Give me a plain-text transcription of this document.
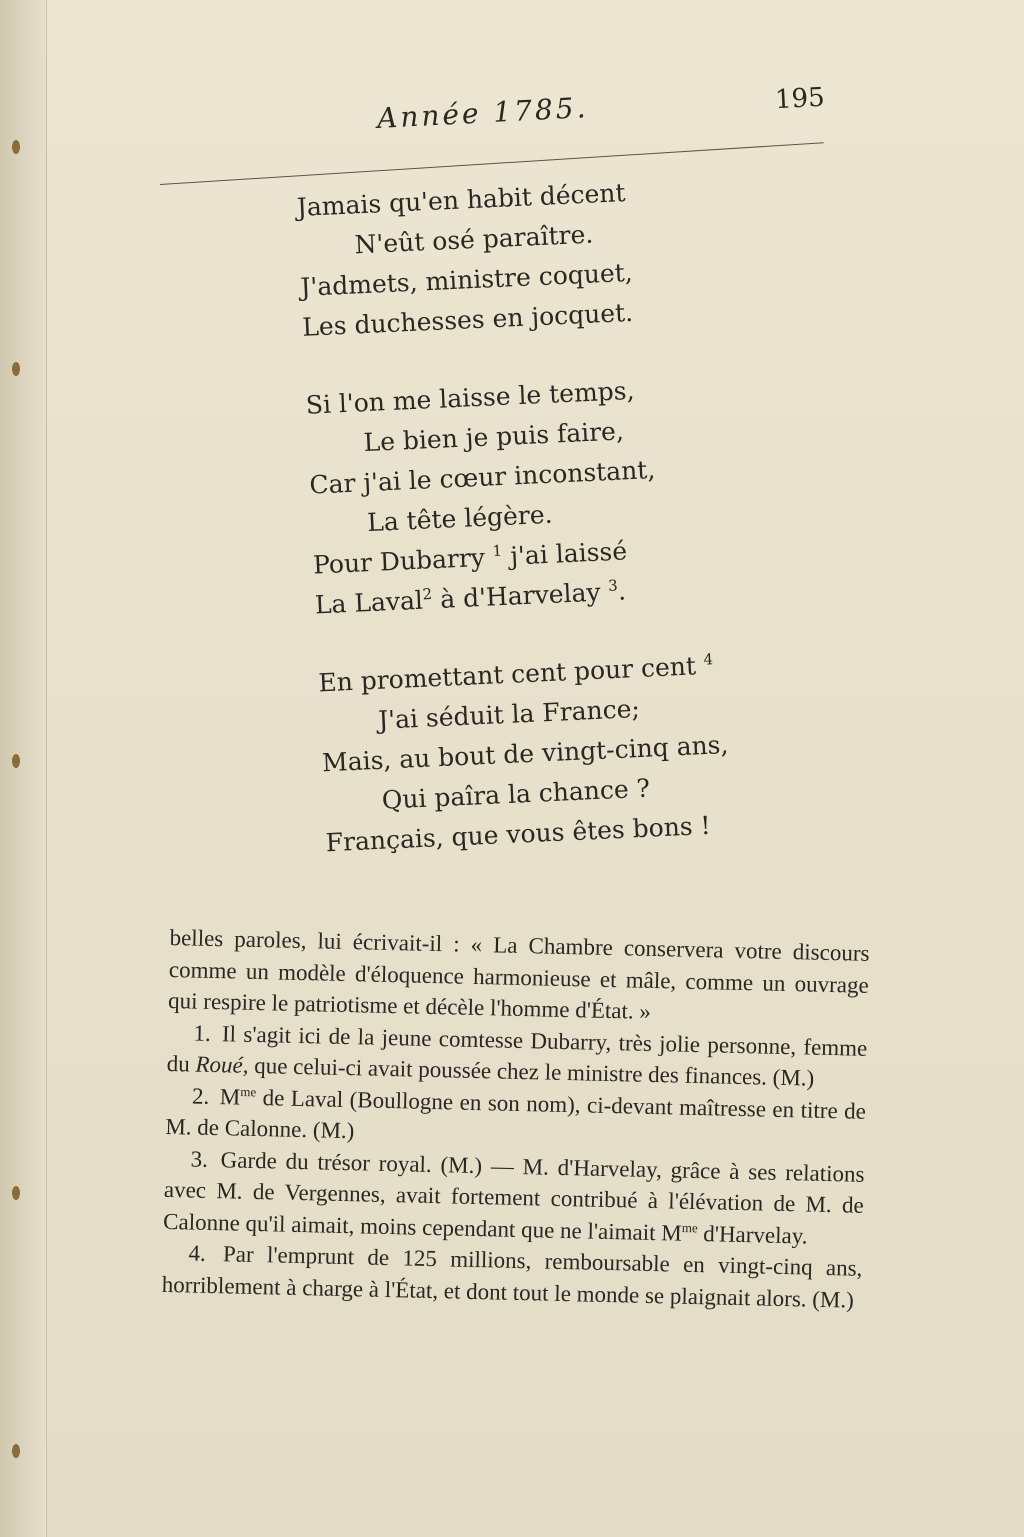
Année 1785.	195
Jamais qu'en habit décent
N'eût osé paraître.
J'admets, ministre coquet,
Les duchesses en jocquet.
Si l'on me laisse le temps,
Le bien je puis faire,
Car j'ai le cœur inconstant,
La tête légère.
Pour Dubarry $^1$ j'ai laissé
La Laval$^2$ à d'Harvelay $^3$.
En promettant cent pour cent $^4$
J'ai séduit la France;
Mais, au bout de vingt-cinq ans,
Qui paîra la chance ?
Français, que vous êtes bons !

belles paroles, lui écrivait-il : « La Chambre conservera votre discours comme un modèle d'éloquence harmonieuse et mâle, comme un ouvrage qui respire le patriotisme et décèle l'homme d'État. »

1. Il s'agit ici de la jeune comtesse Dubarry, très jolie personne, femme du Roué, que celui-ci avait poussée chez le ministre des finances. (M.)

2. $M^{me}$ de Laval (Boullogne en son nom), ci-devant maîtresse en titre de M. de Calonne. (M.)

3. Garde du trésor royal. (M.) — M. d'Harvelay, grâce à ses relations avec M. de Vergennes, avait fortement contribué à l'élévation de M. de Calonne qu'il aimait, moins cependant que ne l'aimait $M^{me}$ d'Harvelay.

4. Par l'emprunt de 125 millions, remboursable en vingt-cinq ans, horriblement à charge à l'État, et dont tout le monde se plaignait alors. (M.)
